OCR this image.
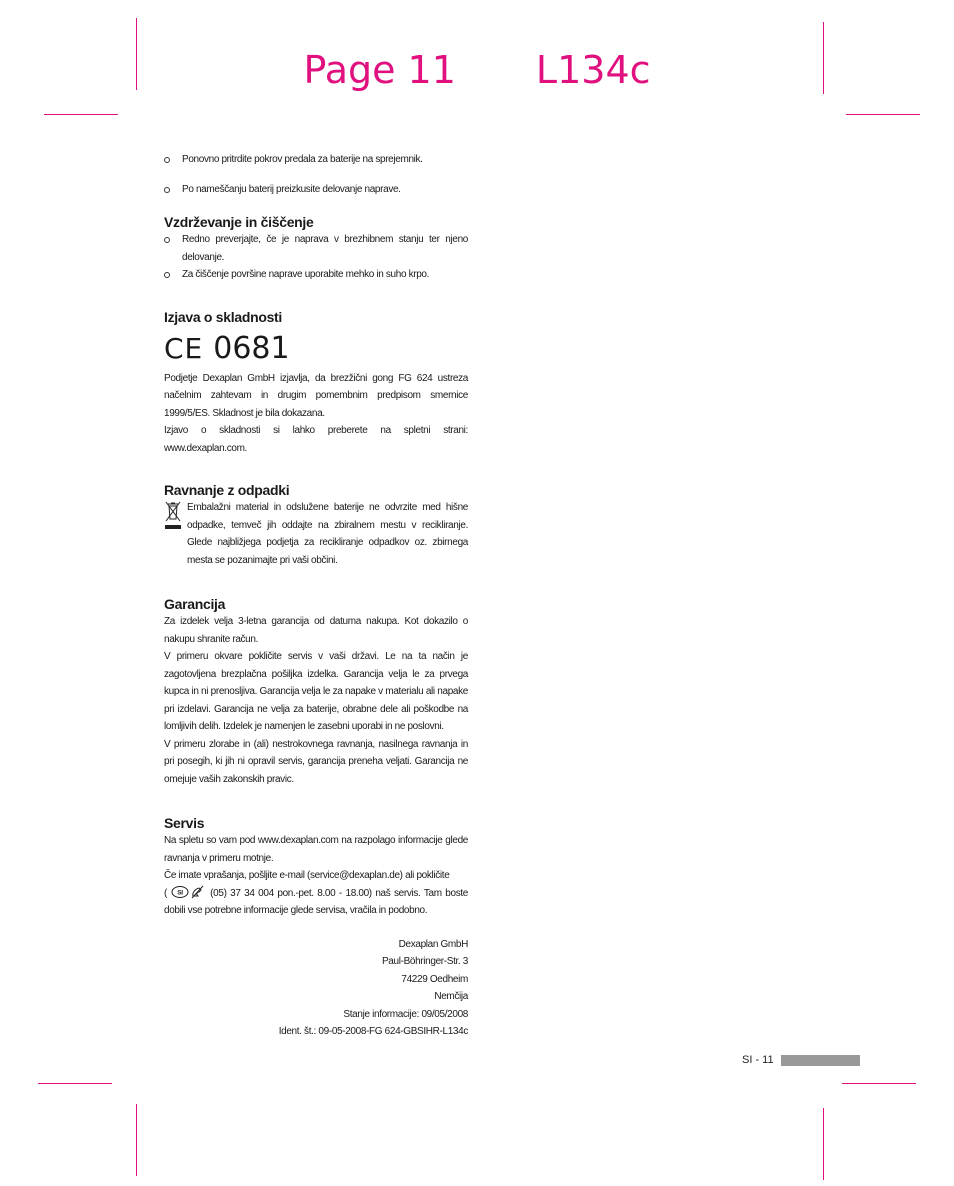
Page 11 L134c
Ponovno pritrdite pokrov predala za baterije na sprejemnik.
Po nameščanju baterij preizkusite delovanje naprave.
Vzdrževanje in čiščenje
Redno preverjajte, če je naprava v brezhibnem stanju ter njeno delovanje.
Za čiščenje površine naprave uporabite mehko in suho krpo.
Izjava o skladnosti
CE 0681

Podjetje Dexaplan GmbH izjavlja, da brezžični gong FG 624 ustreza načelnim zahtevam in drugim pomembnim predpisom smernice 1999/5/ES. Skladnost je bila dokazana.

Izjavo o skladnosti si lahko preberete na spletni strani: www.dexaplan.com.

Ravnanje z odpadki
Embalažni material in odslužene baterije ne odvrzite med hišne odpadke, temveč jih oddajte na zbiralnem mestu v recikliranje. Glede najbližjega podjetja za recikliranje odpadkov oz. zbirnega mesta se pozanimajte pri vaši občini.
Garancija

Za izdelek velja 3-letna garancija od datuma nakupa. Kot dokazilo o nakupu shranite račun.

V primeru okvare pokličite servis v vaši državi. Le na ta način je zagotovljena brezplačna pošiljka izdelka. Garancija velja le za prvega kupca in ni prenosljiva. Garancija velja le za napake v materialu ali napake pri izdelavi. Garancija ne velja za baterije, obrabne dele ali poškodbe na lomljivih delih. Izdelek je namenjen le zasebni uporabi in ne poslovni.

V primeru zlorabe in (ali) nestrokovnega ravnanja, nasilnega ravnanja in pri posegih, ki jih ni opravil servis, garancija preneha veljati. Garancija ne omejuje vaših zakonskih pravic.

Servis

Na spletu so vam pod www.dexaplan.com na razpolago informacije glede ravnanja v primeru motnje.

Če imate vprašanja, pošljite e-mail (service@dexaplan.de) ali pokličite

( SI	(05) 37 34 004 pon.-pet. 8.00 - 18.00) naš servis. Tam boste dobili vse potrebne informacije glede servisa, vračila in podobno.

Dexaplan GmbH
Paul-Böhringer-Str. 3
74229 Oedheim
Nemčija
Stanje informacije: 09/05/2008
Ident. št.: 09-05-2008-FG 624-GBSIHR-L134c
SI - 11
